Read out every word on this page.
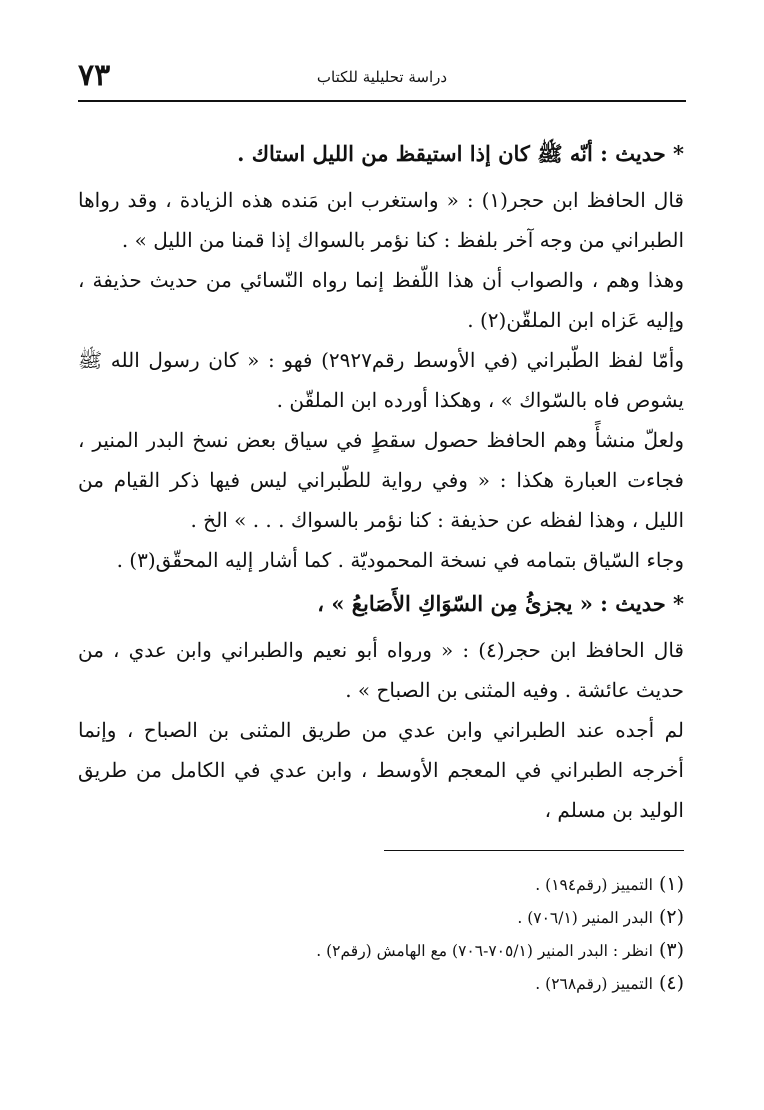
٧٣	دراسة تحليلية للكتاب

* حديث : أنّه ﷺ كان إذا استيقظ من الليل استاك .

قال الحافظ ابن حجر(١) : « واستغرب ابن مَنده هذه الزيادة ، وقد رواها الطبراني من وجه آخر بلفظ : كنا نؤمر بالسواك إذا قمنا من الليل » .

وهذا وهم ، والصواب أن هذا اللّفظ إنما رواه النّسائي من حديث حذيفة ، وإليه عَزاه ابن الملقّن(٢) .

وأمّا لفظ الطّبراني (في الأوسط رقم٢٩٢٧) فهو : « كان رسول الله ﷺ يشوص فاه بالسّواك » ، وهكذا أورده ابن الملقّن .

ولعلّ منشأً وهم الحافظ حصول سقطٍ في سياق بعض نسخ البدر المنير ، فجاءت العبارة هكذا : « وفي رواية للطّبراني ليس فيها ذكر القيام من الليل ، وهذا لفظه عن حذيفة : كنا نؤمر بالسواك . . . » الخ .

وجاء السّياق بتمامه في نسخة المحموديّة . كما أشار إليه المحقّق(٣) .

* حديث : « يجزئُ مِن السّوَاكِ الأَصَابعُ » ،

قال الحافظ ابن حجر(٤) : « ورواه أبو نعيم والطبراني وابن عدي ، من حديث عائشة . وفيه المثنى بن الصباح » .

لم أجده عند الطبراني وابن عدي من طريق المثنى بن الصباح ، وإنما أخرجه الطبراني في المعجم الأوسط ، وابن عدي في الكامل من طريق الوليد بن مسلم ،

(١)التمييز (رقم١٩٤) .

(٢)البدر المنير (٧٠٦/١) .

(٣)انظر : البدر المنير (٧٠٥/١-٧٠٦) مع الهامش (رقم٢) .

(٤)التمييز (رقم٢٦٨) .
